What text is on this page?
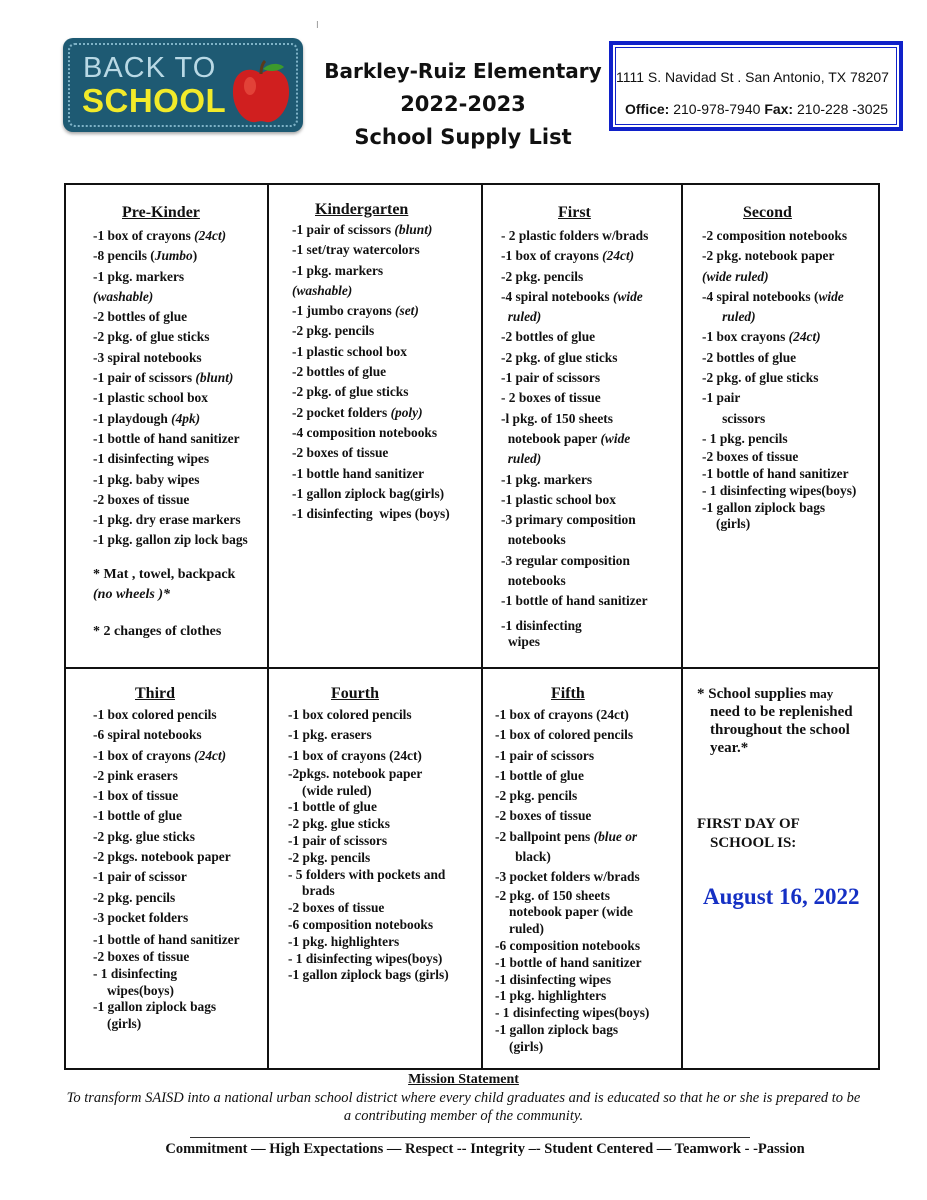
I
BACK TO
SCHOOL
Barkley-Ruiz Elementary
2022-2023
School Supply List
1111 S. Navidad St . San Antonio, TX 78207
Office: 210-978-7940 Fax: 210-228 -3025
Pre-Kinder
-1 box of crayons (24ct)
-8 pencils (Jumbo)
-1 pkg. markers
(washable)
-2 bottles of glue
-2 pkg. of glue sticks
-3 spiral notebooks
-1 pair of scissors (blunt)
-1 plastic school box
-1 playdough (4pk)
-1 bottle of hand sanitizer
-1 disinfecting wipes
-1 pkg. baby wipes
-2 boxes of tissue
-1 pkg. dry erase markers
-1 pkg. gallon zip lock bags
* Mat , towel, backpack
(no wheels )*
* 2 changes of clothes
Kindergarten
-1 pair of scissors (blunt)
-1 set/tray watercolors
-1 pkg. markers
(washable)
-1 jumbo crayons (set)
-2 pkg. pencils
-1 plastic school box
-2 bottles of glue
-2 pkg. of glue sticks
-2 pocket folders (poly)
-4 composition notebooks
-2 boxes of tissue
-1 bottle hand sanitizer
-1 gallon ziplock bag(girls)
-1 disinfecting  wipes (boys)
First
- 2 plastic folders w/brads
-1 box of crayons (24ct)
-2 pkg. pencils
-4 spiral notebooks (wide
ruled)
-2 bottles of glue
-2 pkg. of glue sticks
-1 pair of scissors
- 2 boxes of tissue
-l pkg. of 150 sheets
notebook paper (wide
ruled)
-1 pkg. markers
-1 plastic school box
-3 primary composition
notebooks
-3 regular composition
notebooks
-1 bottle of hand sanitizer
-1 disinfecting
wipes
Second
-2 composition notebooks
-2 pkg. notebook paper
(wide ruled)
-4 spiral notebooks (wide
ruled)
-1 box crayons (24ct)
-2 bottles of glue
-2 pkg. of glue sticks
-1 pair
scissors
- 1 pkg. pencils
-2 boxes of tissue
-1 bottle of hand sanitizer
- 1 disinfecting wipes(boys)
-1 gallon ziplock bags
(girls)
Third
-1 box colored pencils
-6 spiral notebooks
-1 box of crayons (24ct)
-2 pink erasers
-1 box of tissue
-1 bottle of glue
-2 pkg. glue sticks
-2 pkgs. notebook paper
-1 pair of scissor
-2 pkg. pencils
-3 pocket folders
-1 bottle of hand sanitizer
-2 boxes of tissue
- 1 disinfecting
wipes(boys)
-1 gallon ziplock bags
(girls)
Fourth
-1 box colored pencils
-1 pkg. erasers
-1 box of crayons (24ct)
-2pkgs. notebook paper
(wide ruled)
-1 bottle of glue
-2 pkg. glue sticks
-1 pair of scissors
-2 pkg. pencils
- 5 folders with pockets and
brads
-2 boxes of tissue
-6 composition notebooks
-1 pkg. highlighters
- 1 disinfecting wipes(boys)
-1 gallon ziplock bags (girls)
Fifth
-1 box of crayons (24ct)
-1 box of colored pencils
-1 pair of scissors
-1 bottle of glue
-2 pkg. pencils
-2 boxes of tissue
-2 ballpoint pens (blue or
black)
-3 pocket folders w/brads
-2 pkg. of 150 sheets
notebook paper (wide
ruled)
-6 composition notebooks
-1 bottle of hand sanitizer
-1 disinfecting wipes
-1 pkg. highlighters
- 1 disinfecting wipes(boys)
-1 gallon ziplock bags
(girls)
* School supplies may
need to be replenished
throughout the school
year.*
FIRST DAY OF
SCHOOL IS:
August 16, 2022
Mission Statement
To transform SAISD into a national urban school district where every child graduates and is educated so that he or she is prepared to be
a contributing member of the community.
Commitment — High Expectations — Respect -- Integrity –- Student Centered — Teamwork - -Passion
